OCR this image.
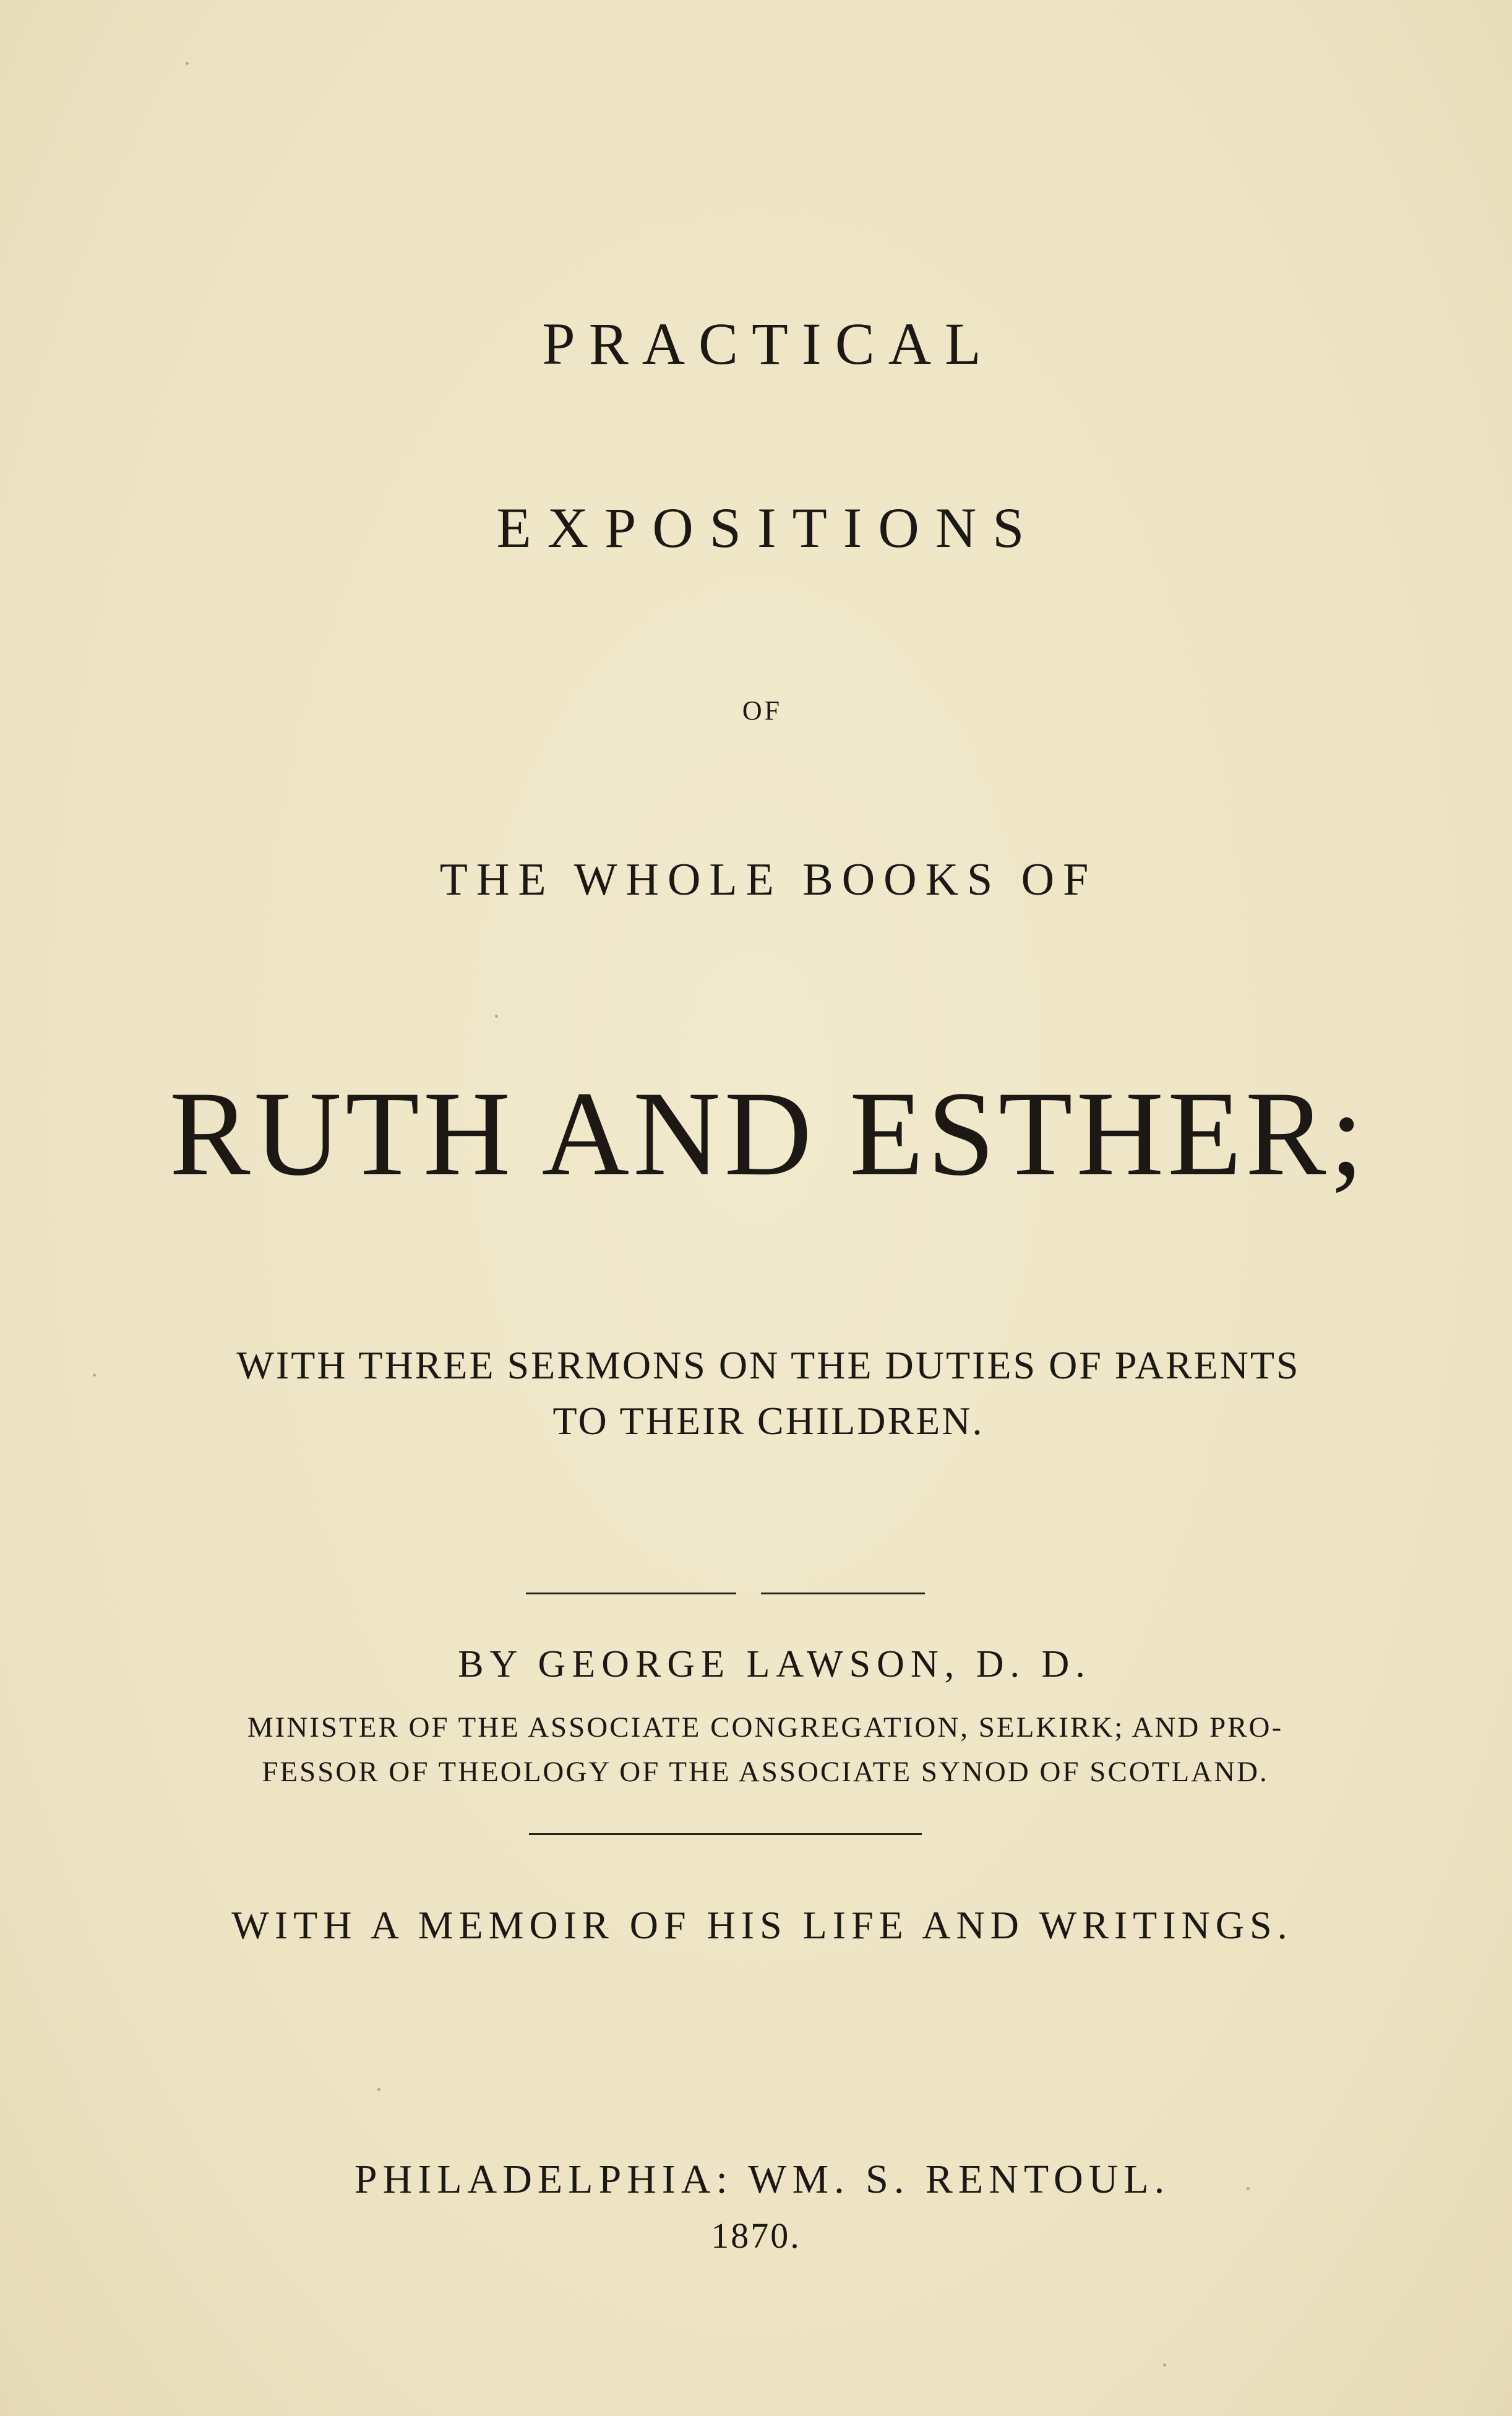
PRACTICAL
EXPOSITIONS
OF
THE WHOLE BOOKS OF
RUTH AND ESTHER;
WITH THREE SERMONS ON THE DUTIES OF PARENTS
TO THEIR CHILDREN.
BY GEORGE LAWSON, D. D.
MINISTER OF THE ASSOCIATE CONGREGATION, SELKIRK; AND PRO-
FESSOR OF THEOLOGY OF THE ASSOCIATE SYNOD OF SCOTLAND.
WITH A MEMOIR OF HIS LIFE AND WRITINGS.
PHILADELPHIA: WM. S. RENTOUL.
1870.
